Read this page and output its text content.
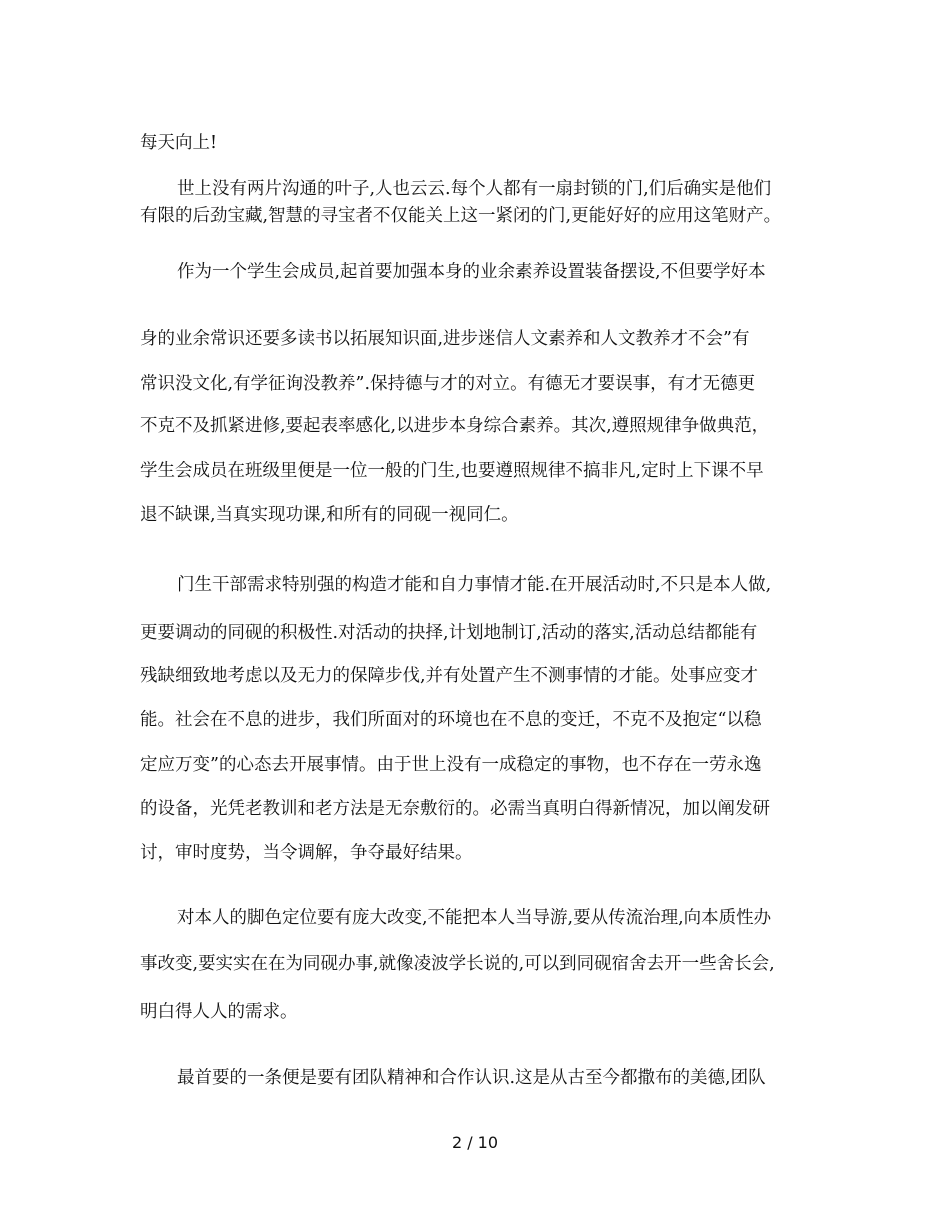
每天向上!
世上没有两片沟通的叶子,人也云云.每个人都有一扇封锁的门,们后确实是他们
有限的后劲宝藏,智慧的寻宝者不仅能关上这一紧闭的门,更能好好的应用这笔财产。
作为一个学生会成员,起首要加强本身的业余素养设置装备摆设,不但要学好本
身的业余常识还要多读书以拓展知识面,进步迷信人文素养和人文教养才不会”有
常识没文化,有学征询没教养”.保持德与才的对立。有德无才要误事，有才无德更
不克不及抓紧进修,要起表率感化,以进步本身综合素养。其次,遵照规律争做典范，
学生会成员在班级里便是一位一般的门生,也要遵照规律不搞非凡,定时上下课不早
退不缺课,当真实现功课,和所有的同砚一视同仁。
门生干部需求特别强的构造才能和自力事情才能.在开展活动时,不只是本人做,
更要调动的同砚的积极性.对活动的抉择,计划地制订,活动的落实,活动总结都能有
残缺细致地考虑以及无力的保障步伐,并有处置产生不测事情的才能。处事应变才
能。社会在不息的进步，我们所面对的环境也在不息的变迁，不克不及抱定“以稳
定应万变”的心态去开展事情。由于世上没有一成稳定的事物，也不存在一劳永逸
的设备，光凭老教训和老方法是无奈敷衍的。必需当真明白得新情况，加以阐发研
讨，审时度势，当令调解，争夺最好结果。
对本人的脚色定位要有庞大改变,不能把本人当导游,要从传流治理,向本质性办
事改变,要实实在在为同砚办事,就像凌波学长说的,可以到同砚宿舍去开一些舍长会,
明白得人人的需求。
最首要的一条便是要有团队精神和合作认识.这是从古至今都撒布的美德,团队
2 / 10
